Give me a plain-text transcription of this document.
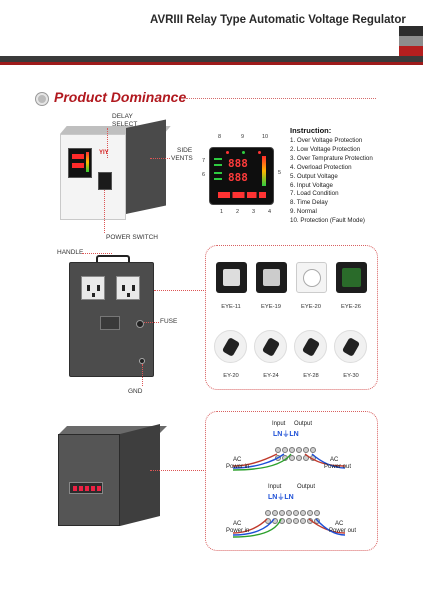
AVRIII Relay Type Automatic Voltage Regulator
Product Dominance
YIY
DELAY
SELECT
SIDE
VENTS
POWER SWITCH
8	9	10
7
6	5
1 2 3 4
888
888
Instruction:
1. Over Voltage Protection
2. Low Voltage Protection
3. Over Temprature Protection
4. Overload Protection
5. Output Voltage
6. Input Voltage
7. Load Condition
8. Time Delay
9. Normal
10. Protection (Fault Mode)
HANDLE
FUSE
GND
EYE-11	EYE-19	EYE-20	EYE-26
EY-20	EY-24	EY-28	EY-30
Input Output
LN⏚LN
AC
Power in
AC
Power out
Input	Output
LN⏚LN
AC
Power in
AC
Power out
